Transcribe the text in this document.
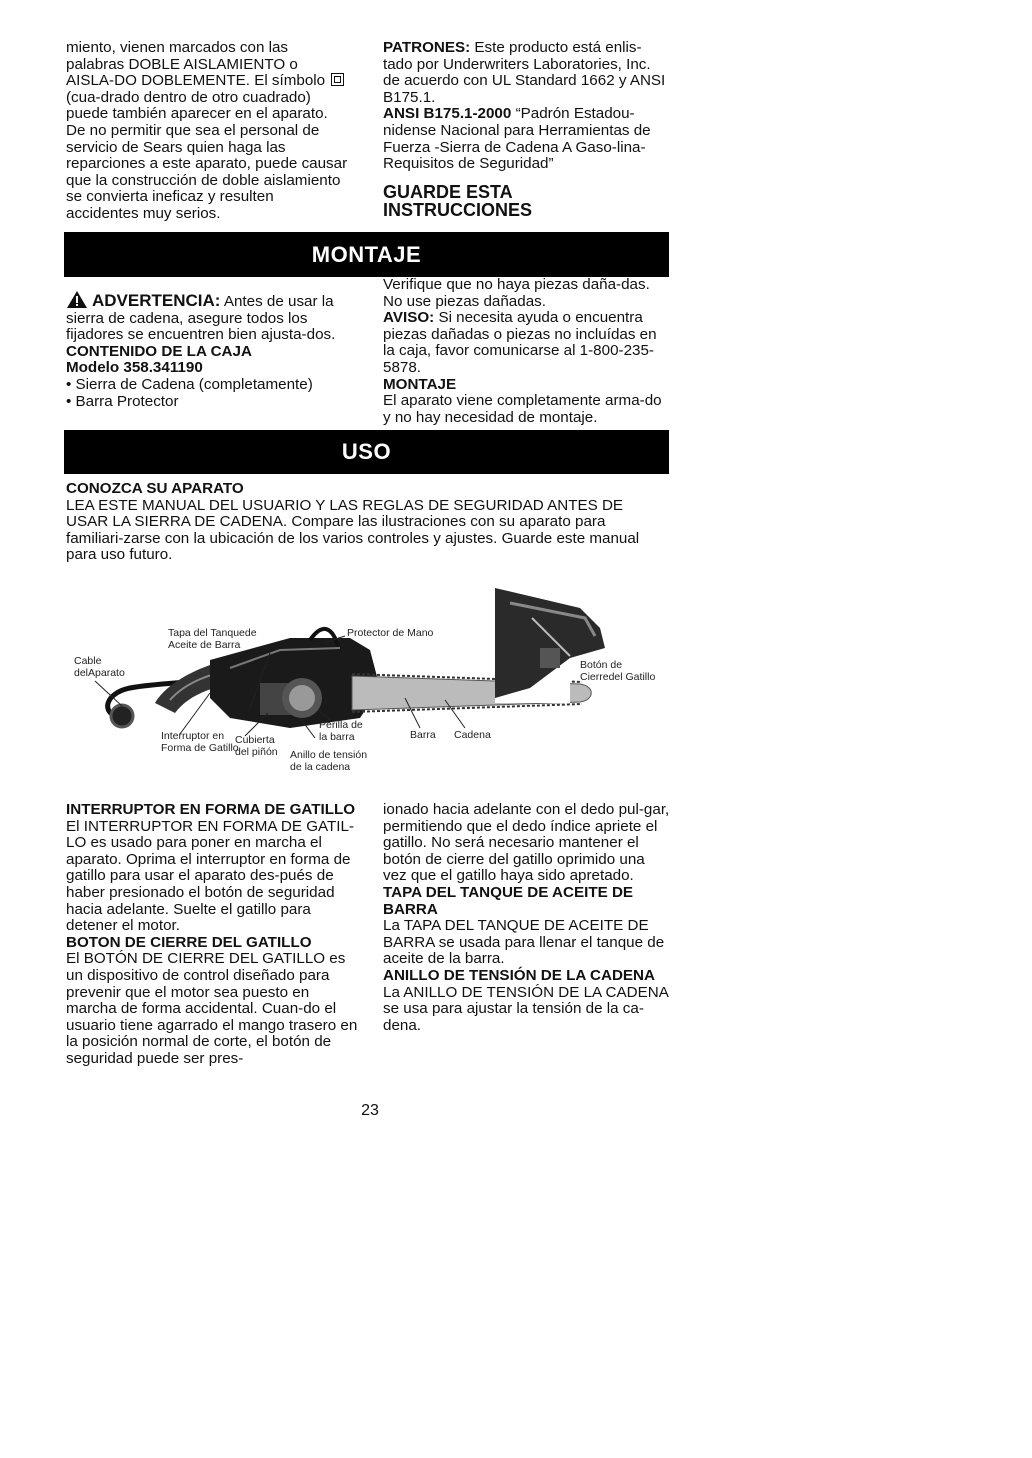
miento, vienen marcados con las palabras DOBLE AISLAMIENTO o AISLA-DO DOBLEMENTE. El símbolo  (cua-drado dentro de otro cuadrado) puede también aparecer en el aparato. De no permitir que sea el personal de servicio de Sears quien haga las reparciones a este aparato, puede causar que la construcción de doble aislamiento se convierta ineficaz y resulten accidentes muy serios.

PATRONES: Este producto está enlis-tado por Underwriters Laboratories, Inc. de acuerdo con UL Standard 1662 y ANSI B175.1.

ANSI B175.1-2000 “Padrón Estadou-nidense Nacional para Herramientas de Fuerza -Sierra de Cadena A Gaso-lina-Requisitos de Seguridad”

GUARDE ESTA
INSTRUCCIONES
MONTAJE

ADVERTENCIA: Antes de usar la sierra de cadena, asegure todos los fijadores se encuentren bien ajusta-dos.

CONTENIDO DE LA CAJA
Modelo 358.341190
• Sierra de Cadena (completamente)
• Barra Protector

Verifique que no haya piezas daña-das. No use piezas dañadas.

AVISO: Si necesita ayuda o encuentra piezas dañadas o piezas no incluídas en la caja, favor comunicarse al 1-800-235-5878.

MONTAJE

El aparato viene completamente arma-do y no hay necesidad de montaje.

USO
CONOZCA SU APARATO

LEA ESTE MANUAL DEL USUARIO Y LAS REGLAS DE SEGURIDAD ANTES DE USAR LA SIERRA DE CADENA. Compare las ilustraciones con su aparato para familiari-zarse con la ubicación de los varios controles y ajustes. Guarde este manual para uso futuro.

Tapa del Tanquede
Aceite de Barra
Protector de Mano
Cable
delAparato
Interruptor en
Forma de Gatillo
Cubierta
del piñón
Perilla de
la barra
Anillo de tensión
de la cadena
Barra Cadena
Botón de
Cierredel Gatillo
INTERRUPTOR EN FORMA DE GATILLO

El INTERRUPTOR EN FORMA DE GATIL-LO es usado para poner en marcha el aparato. Oprima el interruptor en forma de gatillo para usar el aparato des-pués de haber presionado el botón de seguridad hacia adelante. Suelte el gatillo para detener el motor.

BOTON DE CIERRE DEL GATILLO

El BOTÓN DE CIERRE DEL GATILLO es un dispositivo de control diseñado para prevenir que el motor sea puesto en marcha de forma accidental. Cuan-do el usuario tiene agarrado el mango trasero en la posición normal de corte, el botón de seguridad puede ser pres-

ionado hacia adelante con el dedo pul-gar, permitiendo que el dedo índice apriete el gatillo. No será necesario mantener el botón de cierre del gatillo oprimido una vez que el gatillo haya sido apretado.

TAPA DEL TANQUE DE ACEITE DE BARRA

La TAPA DEL TANQUE DE ACEITE DE BARRA se usada para llenar el tanque de aceite de la barra.

ANILLO DE TENSIÓN DE LA CADENA

La ANILLO DE TENSIÓN DE LA CADENA se usa para ajustar la tensión de la ca-dena.

23
